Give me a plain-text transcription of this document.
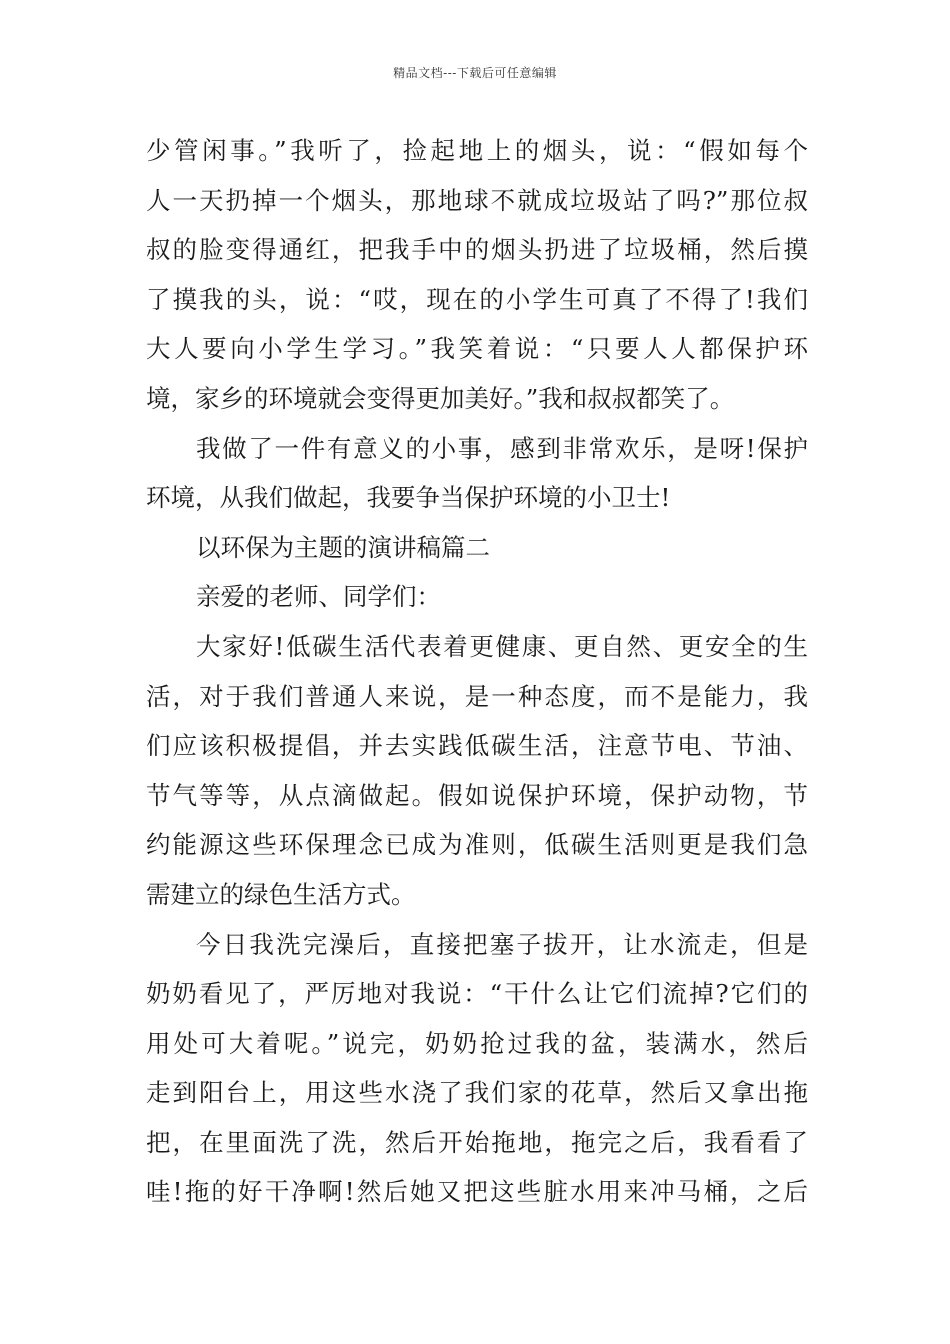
精品文档---下载后可任意编辑
少管闲事。”我听了，捡起地上的烟头，说：“假如每个
人一天扔掉一个烟头，那地球不就成垃圾站了吗?”那位叔
叔的脸变得通红，把我手中的烟头扔进了垃圾桶，然后摸
了摸我的头，说：“哎，现在的小学生可真了不得了!我们
大人要向小学生学习。”我笑着说：“只要人人都保护环
境，家乡的环境就会变得更加美好。”我和叔叔都笑了。
我做了一件有意义的小事，感到非常欢乐，是呀!保护
环境，从我们做起，我要争当保护环境的小卫士!
以环保为主题的演讲稿篇二
亲爱的老师、同学们：
大家好!低碳生活代表着更健康、更自然、更安全的生
活，对于我们普通人来说，是一种态度，而不是能力，我
们应该积极提倡，并去实践低碳生活，注意节电、节油、
节气等等，从点滴做起。假如说保护环境，保护动物，节
约能源这些环保理念已成为准则，低碳生活则更是我们急
需建立的绿色生活方式。
今日我洗完澡后，直接把塞子拔开，让水流走，但是
奶奶看见了，严厉地对我说：“干什么让它们流掉?它们的
用处可大着呢。”说完，奶奶抢过我的盆，装满水，然后
走到阳台上，用这些水浇了我们家的花草，然后又拿出拖
把，在里面洗了洗，然后开始拖地，拖完之后，我看看了
哇!拖的好干净啊!然后她又把这些脏水用来冲马桶，之后
